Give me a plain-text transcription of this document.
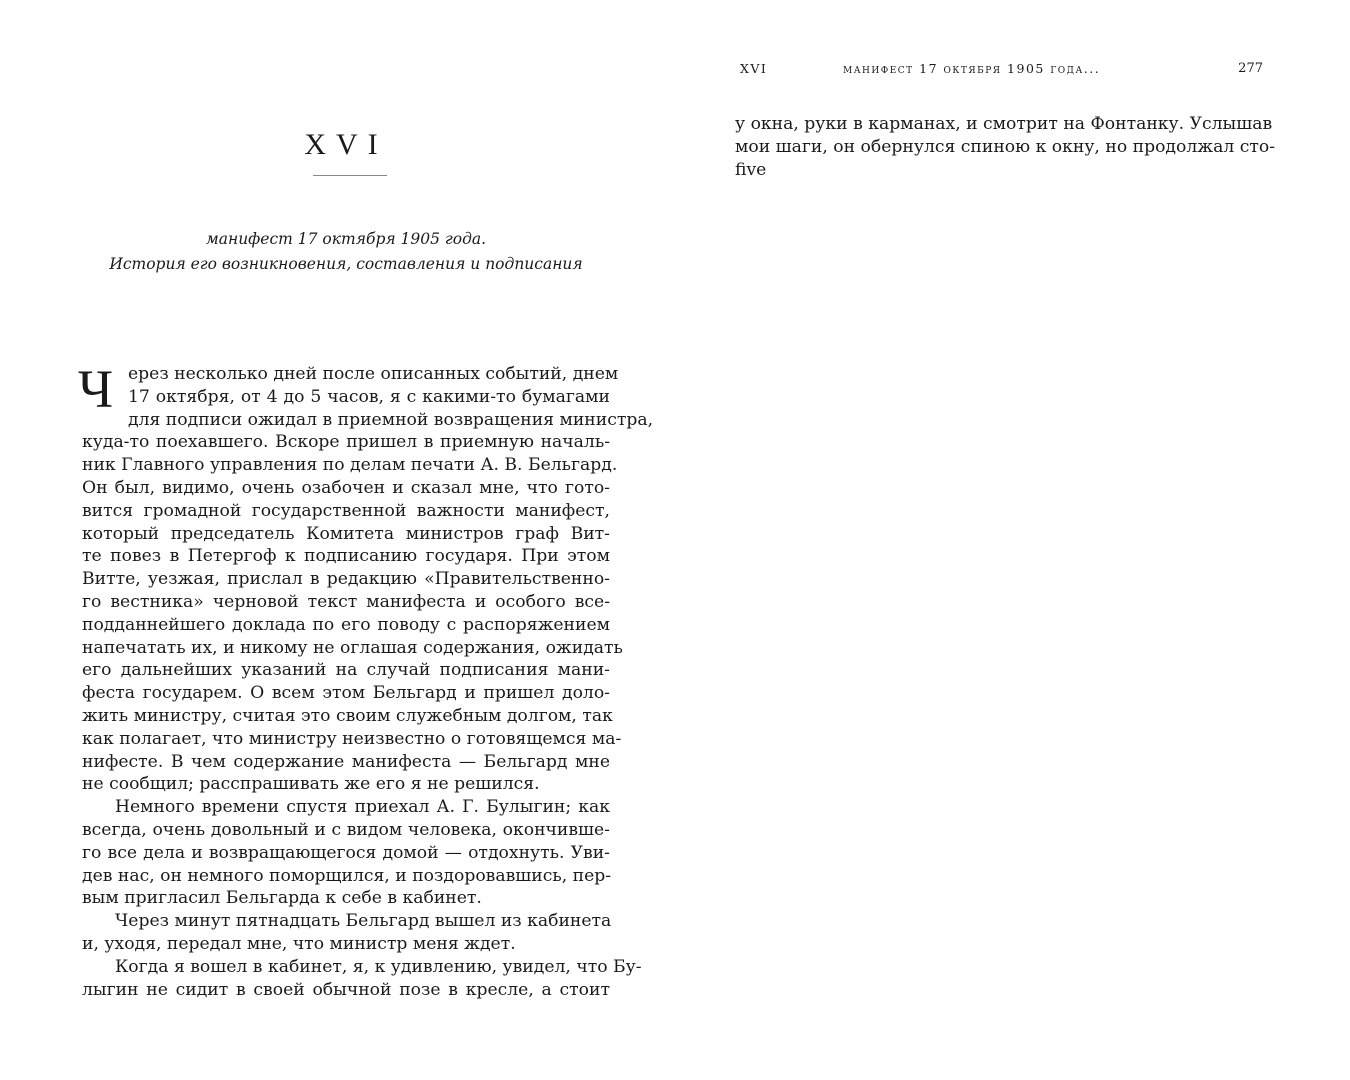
XVI
манифест 17 октября 1905 года.
История его возникновения, составления и подписания
Ч ерез несколько дней после описанных событий, днем
17 октября, от 4 до 5 часов, я с какими-то бумагами
для подписи ожидал в приемной возвращения министра,
куда-то поехавшего. Вскоре пришел в приемную началь-
ник Главного управления по делам печати А. В. Бельгард.
Он был, видимо, очень озабочен и сказал мне, что гото-
вится громадной государственной важности манифест,
который председатель Комитета министров граф Вит-
те повез в Петергоф к подписанию государя. При этом
Витте, уезжая, прислал в редакцию «Правительственно-
го вестника» черновой текст манифеста и особого все-
подданнейшего доклада по его поводу с распоряжением
напечатать их, и никому не оглашая содержания, ожидать
его дальнейших указаний на случай подписания мани-
феста государем. О всем этом Бельгард и пришел доло-
жить министру, считая это своим служебным долгом, так
как полагает, что министру неизвестно о готовящемся ма-
нифесте. В чем содержание манифеста — Бельгард мне
не сообщил; расспрашивать же его я не решился.
Немного времени спустя приехал А. Г. Булыгин; как
всегда, очень довольный и с видом человека, окончивше-
го все дела и возвращающегося домой — отдохнуть. Уви-
дев нас, он немного поморщился, и поздоровавшись, пер-
вым пригласил Бельгарда к себе в кабинет.
Через минут пятнадцать Бельгард вышел из кабинета
и, уходя, передал мне, что министр меня ждет.
Когда я вошел в кабинет, я, к удивлению, увидел, что Бу-
лыгин не сидит в своей обычной позе в кресле, а стоит
XVI	манифест 17 октября 1905 года...	277
у окна, руки в карманах, и смотрит на Фонтанку. Услышав
мои шаги, он обернулся спиною к окну, но продолжал сто-
five
